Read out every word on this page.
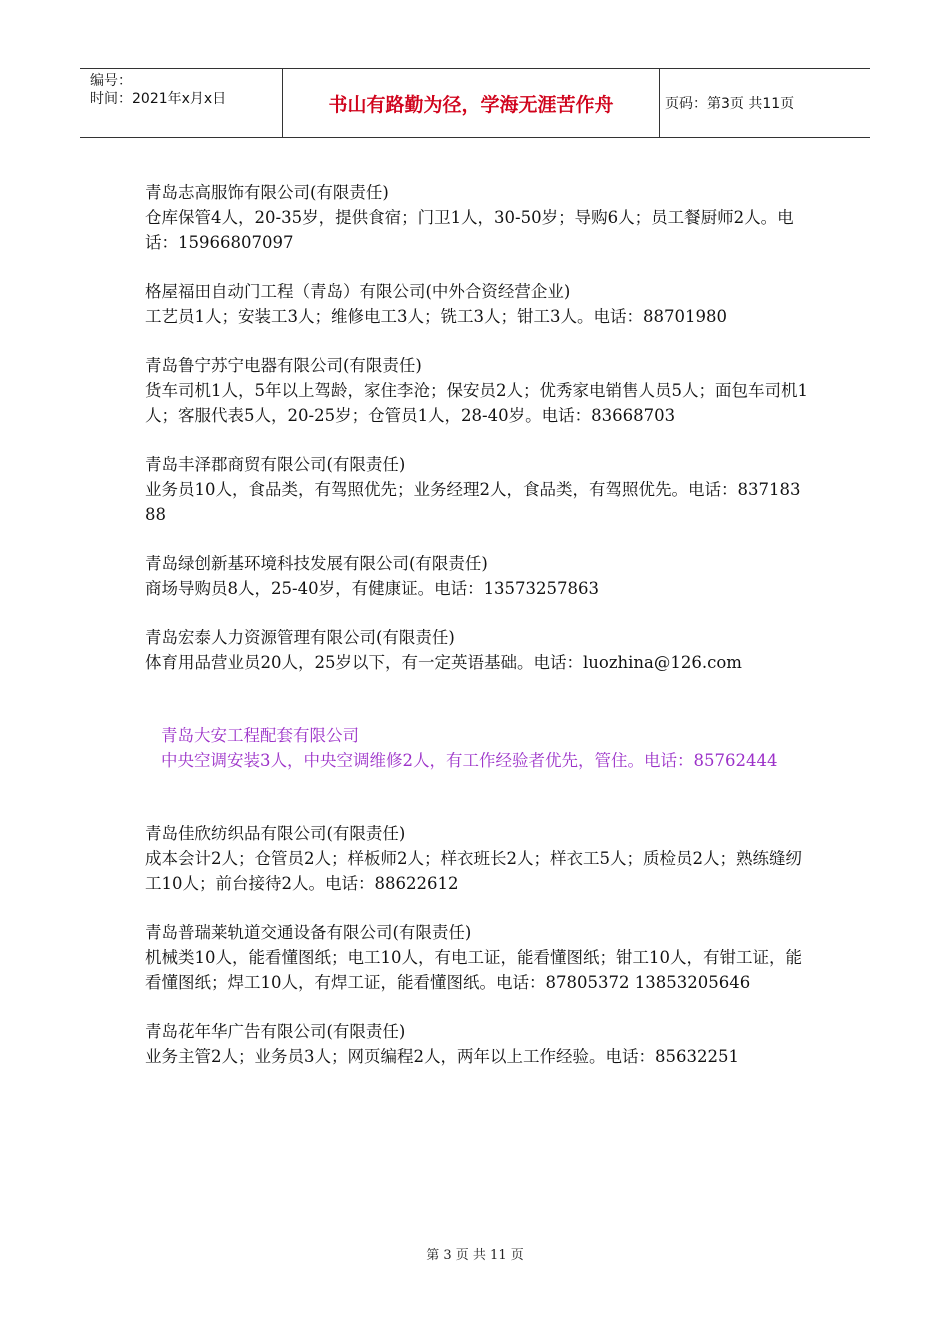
编号：
时间：2021年x月x日	书山有路勤为径，学海无涯苦作舟	页码：第3页 共11页
青岛志高服饰有限公司(有限责任)
仓库保管4人，20-35岁，提供食宿；门卫1人，30-50岁；导购6人；员工餐厨师2人。电话：15966807097
格屋福田自动门工程（青岛）有限公司(中外合资经营企业)
工艺员1人；安装工3人；维修电工3人；铣工3人；钳工3人。电话：88701980
青岛鲁宁苏宁电器有限公司(有限责任)
货车司机1人，5年以上驾龄，家住李沧；保安员2人；优秀家电销售人员5人；面包车司机1人；客服代表5人，20-25岁；仓管员1人，28-40岁。电话：83668703
青岛丰泽郡商贸有限公司(有限责任)
业务员10人，食品类，有驾照优先；业务经理2人，食品类，有驾照优先。电话：83718388
青岛绿创新基环境科技发展有限公司(有限责任)
商场导购员8人，25-40岁，有健康证。电话：13573257863
青岛宏泰人力资源管理有限公司(有限责任)
体育用品营业员20人，25岁以下，有一定英语基础。电话：luozhina@126.com
青岛大安工程配套有限公司
中央空调安装3人，中央空调维修2人，有工作经验者优先，管住。电话：85762444
青岛佳欣纺织品有限公司(有限责任)
成本会计2人；仓管员2人；样板师2人；样衣班长2人；样衣工5人；质检员2人；熟练缝纫工10人；前台接待2人。电话：88622612
青岛普瑞莱轨道交通设备有限公司(有限责任)
机械类10人，能看懂图纸；电工10人，有电工证，能看懂图纸；钳工10人，有钳工证，能看懂图纸；焊工10人，有焊工证，能看懂图纸。电话：87805372 13853205646
青岛花年华广告有限公司(有限责任)
业务主管2人；业务员3人；网页编程2人，两年以上工作经验。电话：85632251
第 3 页 共 11 页
